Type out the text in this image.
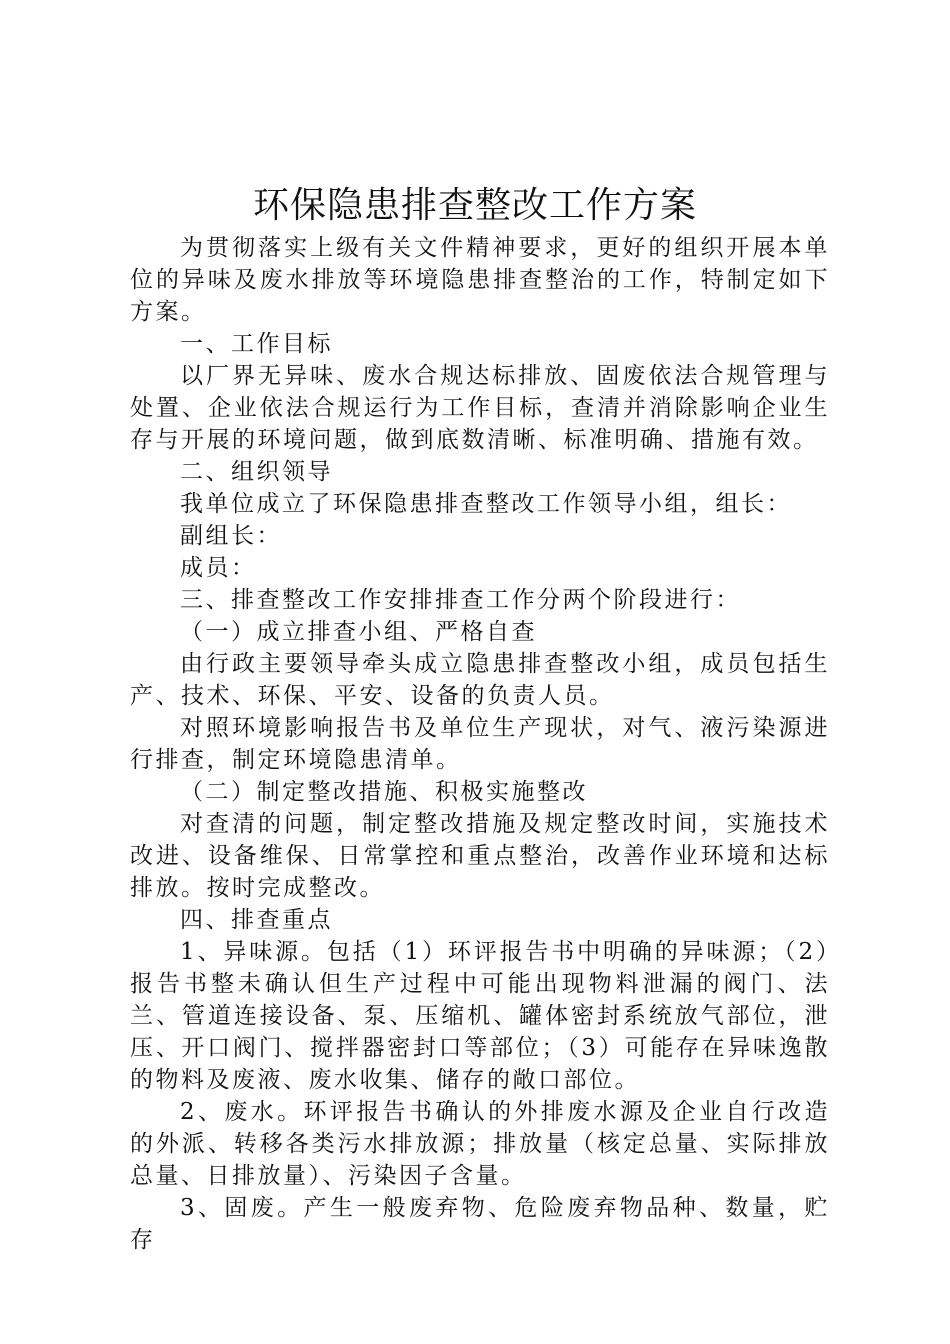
环保隐患排查整改工作方案

为贯彻落实上级有关文件精神要求，更好的组织开展本单位的异味及废水排放等环境隐患排查整治的工作，特制定如下方案。

一、工作目标

以厂界无异味、废水合规达标排放、固废依法合规管理与处置、企业依法合规运行为工作目标，查清并消除影响企业生存与开展的环境问题，做到底数清晰、标准明确、措施有效。

二、组织领导

我单位成立了环保隐患排查整改工作领导小组，组长：

副组长：

成员：

三、排查整改工作安排排查工作分两个阶段进行：

（一）成立排查小组、严格自查

由行政主要领导牵头成立隐患排查整改小组，成员包括生产、技术、环保、平安、设备的负责人员。

对照环境影响报告书及单位生产现状，对气、液污染源进行排查，制定环境隐患清单。

（二）制定整改措施、积极实施整改

对查清的问题，制定整改措施及规定整改时间，实施技术改进、设备维保、日常掌控和重点整治，改善作业环境和达标排放。按时完成整改。

四、排查重点

1、异味源。包括（1）环评报告书中明确的异味源；（2）报告书整未确认但生产过程中可能出现物料泄漏的阀门、法兰、管道连接设备、泵、压缩机、罐体密封系统放气部位，泄压、开口阀门、搅拌器密封口等部位；（3）可能存在异味逸散的物料及废液、废水收集、储存的敞口部位。

2、废水。环评报告书确认的外排废水源及企业自行改造的外派、转移各类污水排放源；排放量（核定总量、实际排放总量、日排放量）、污染因子含量。

3、固废。产生一般废弃物、危险废弃物品种、数量，贮存
